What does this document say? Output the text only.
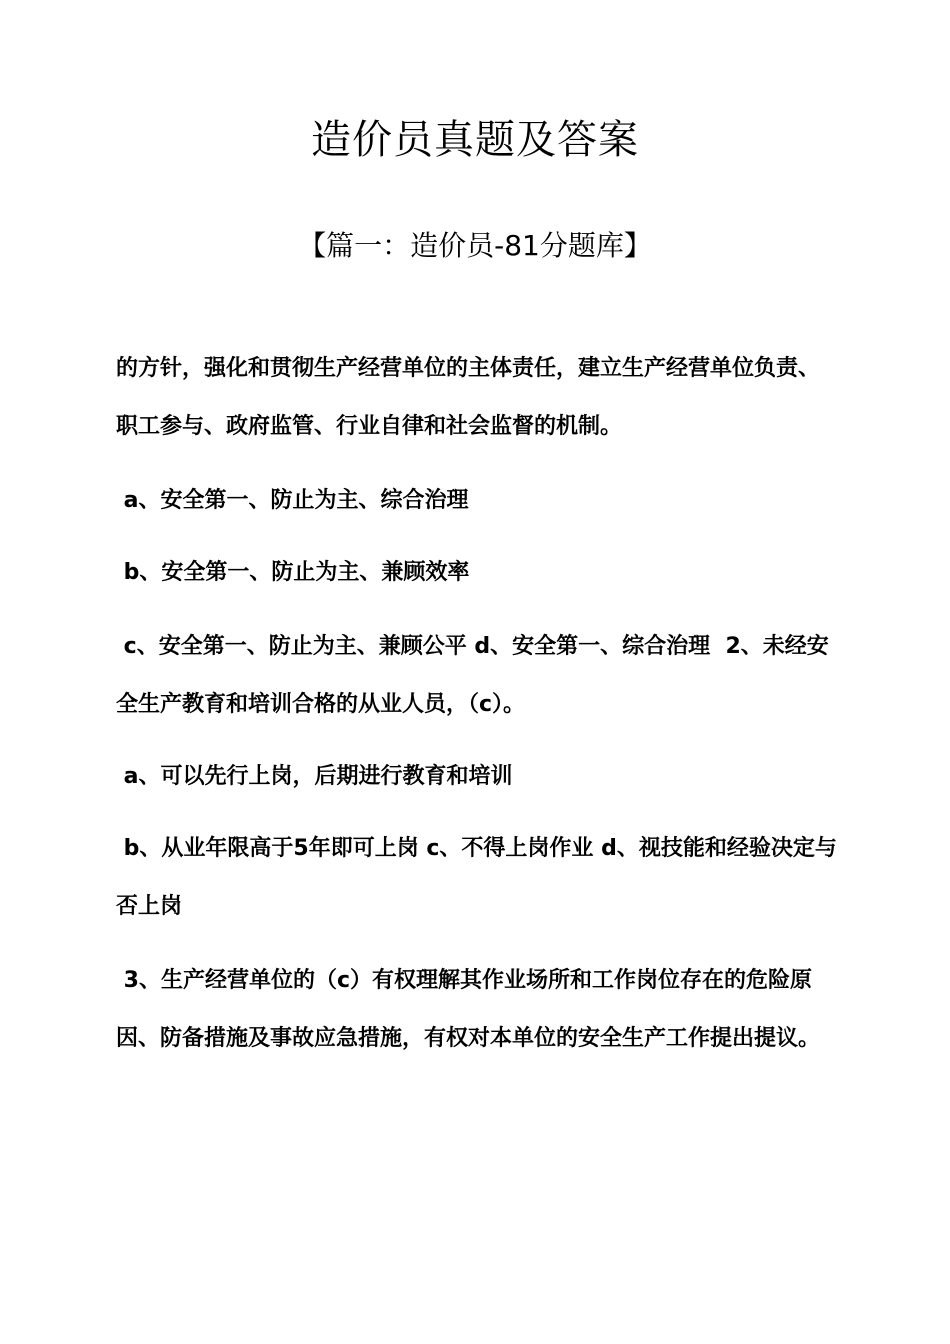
造价员真题及答案
【篇一：造价员-81分题库】

的方针，强化和贯彻生产经营单位的主体责任，建立生产经营单位负责、职工参与、政府监管、行业自律和社会监督的机制。

a、安全第一、防止为主、综合治理

b、安全第一、防止为主、兼顾效率

c、安全第一、防止为主、兼顾公平 d、安全第一、综合治理  2、未经安全生产教育和培训合格的从业人员，（c）。

a、可以先行上岗，后期进行教育和培训

b、从业年限高于5年即可上岗 c、不得上岗作业 d、视技能和经验决定与否上岗

3、生产经营单位的（c）有权理解其作业场所和工作岗位存在的危险原因、防备措施及事故应急措施，有权对本单位的安全生产工作提出提议。
